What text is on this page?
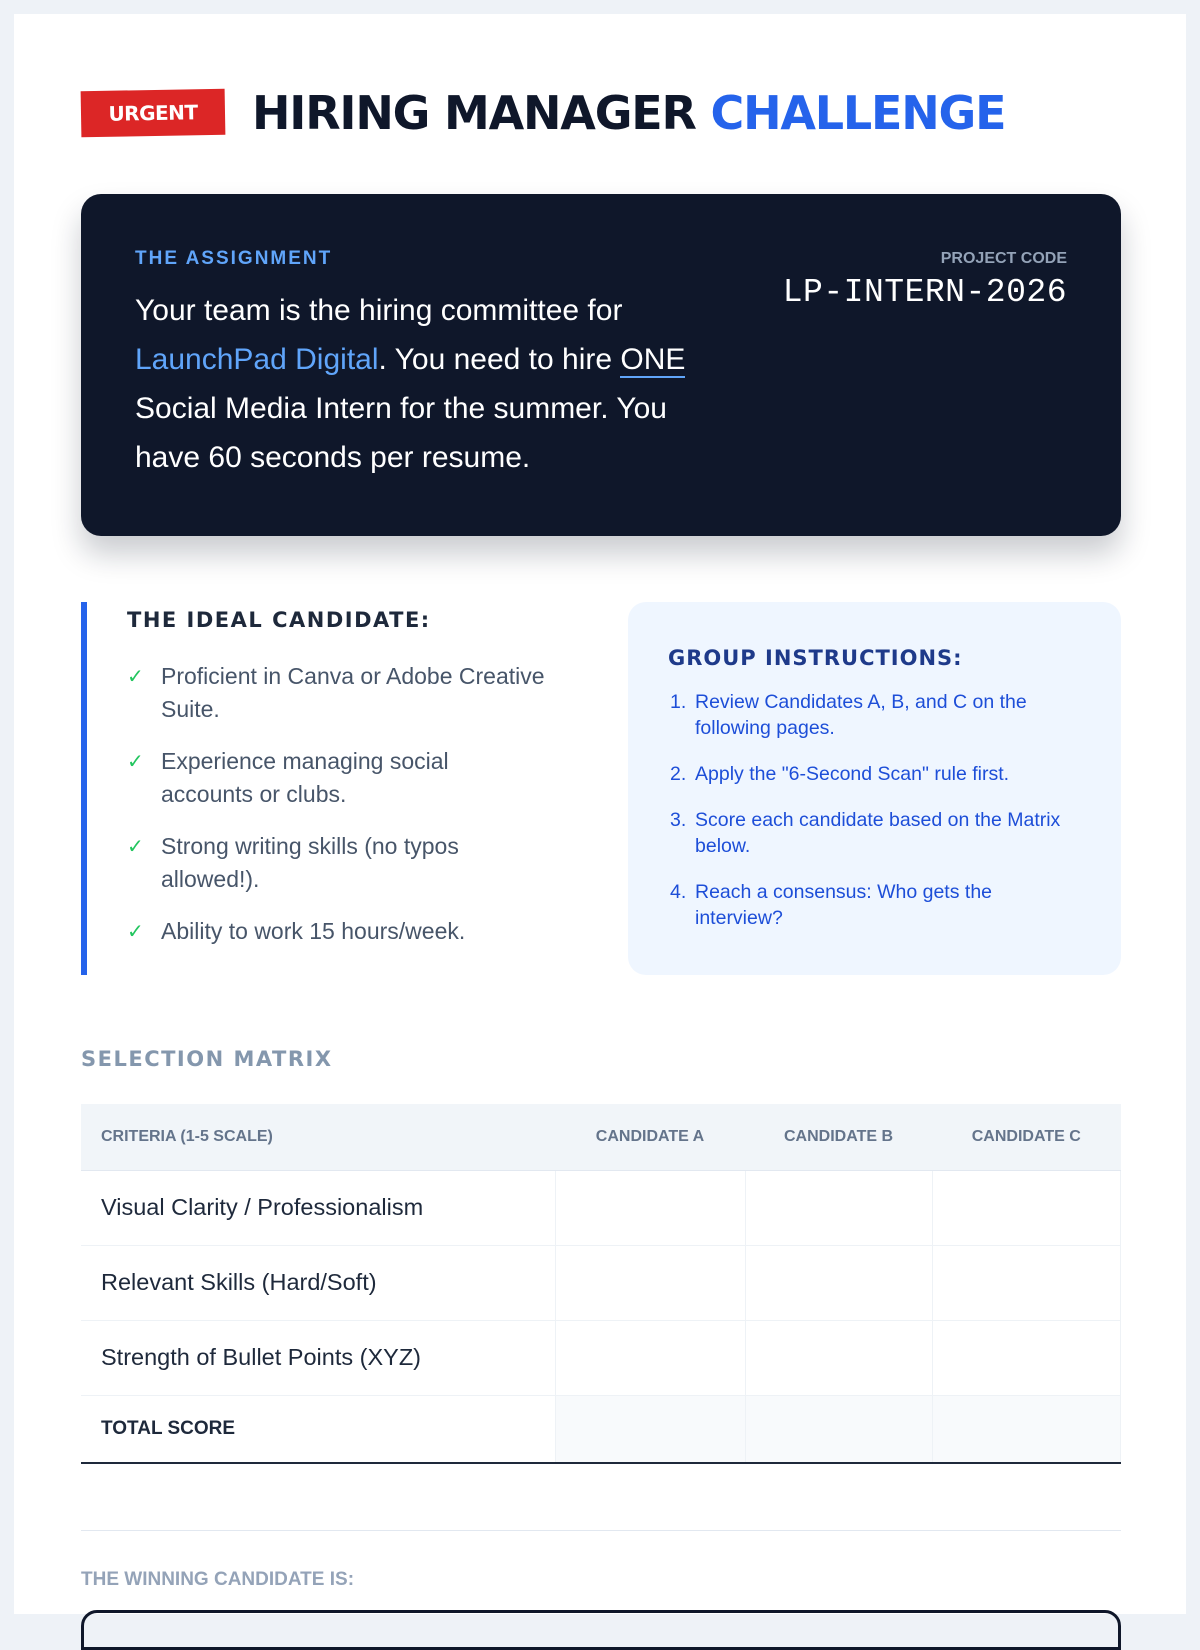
URGENT	HIRING MANAGER CHALLENGE
THE ASSIGNMENT

Your team is the hiring committee for LaunchPad Digital. You need to hire ONE Social Media Intern for the summer. You have 60 seconds per resume.

PROJECT CODE
LP-INTERN-2026
THE IDEAL CANDIDATE:
✓ Proficient in Canva or Adobe Creative Suite.
✓ Experience managing social accounts or clubs.
✓ Strong writing skills (no typos allowed!).
✓ Ability to work 15 hours/week.
GROUP INSTRUCTIONS:
1. Review Candidates A, B, and C on the following pages.
2. Apply the "6-Second Scan" rule first.
3. Score each candidate based on the Matrix below.
4. Reach a consensus: Who gets the interview?
SELECTION MATRIX
CRITERIA (1-5 SCALE)	CANDIDATE A	CANDIDATE B	CANDIDATE C
Visual Clarity / Professionalism			
Relevant Skills (Hard/Soft)			
Strength of Bullet Points (XYZ)			
TOTAL SCORE			
THE WINNING CANDIDATE IS:
